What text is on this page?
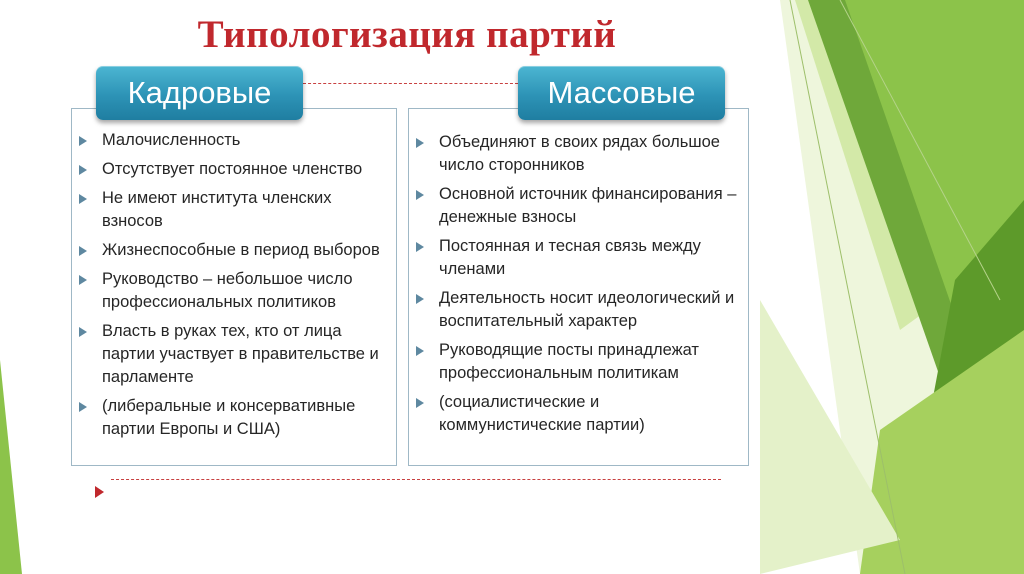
Типологизация партий
Малочисленность
Отсутствует постоянное членство
Не имеют института членских взносов
Жизнеспособные в период выборов
Руководство – небольшое число профессиональных политиков
Власть в руках тех, кто от лица партии участвует в правительстве и парламенте
(либеральные и консервативные партии Европы и США)
Объединяют в своих рядах большое число сторонников
Основной источник финансирования – денежные взносы
Постоянная и тесная связь между членами
Деятельность носит идеологический и воспитательный характер
Руководящие посты принадлежат профессиональным политикам
(социалистические и коммунистические партии)
Кадровые	Массовые
